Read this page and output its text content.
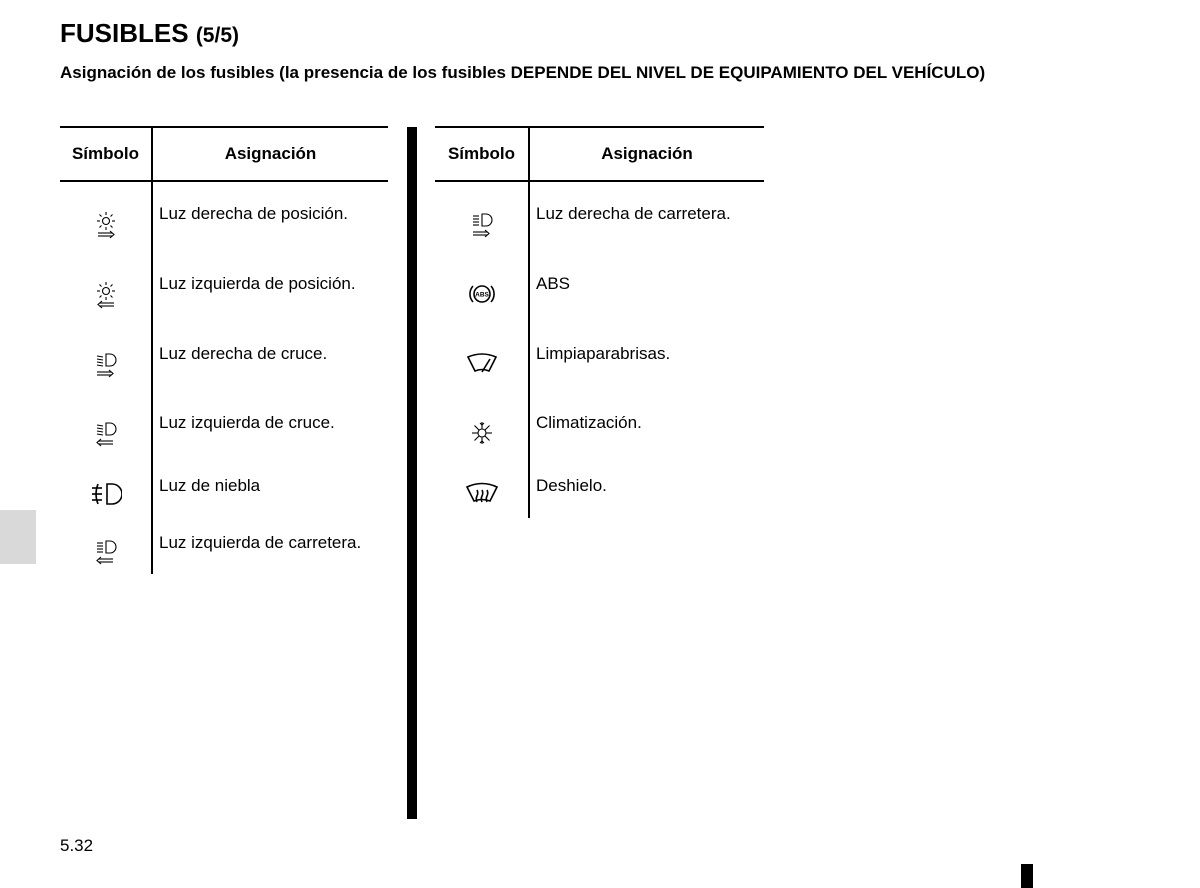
FUSIBLES (5/5)

Asignación de los fusibles (la presencia de los fusibles DEPENDE DEL NIVEL DE EQUIPAMIENTO DEL VEHÍCULO)

Símbolo	Asignación
Luz derecha de posición.
Luz izquierda de posición.
Luz derecha de cruce.
Luz izquierda de cruce.
Luz de niebla
Luz izquierda de carretera.
Símbolo	Asignación
Luz derecha de carretera.
ABS
ABS
Limpiaparabrisas.
Climatización.
Deshielo.
5.32
